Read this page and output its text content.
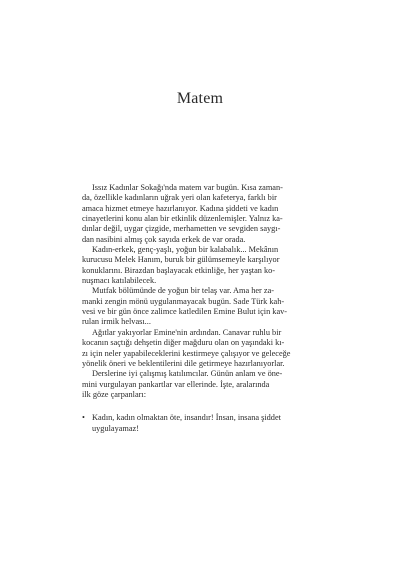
Matem

Issız Kadınlar Sokağı'nda matem var bugün. Kısa zaman-
da, özellikle kadınların uğrak yeri olan kafeterya, farklı bir
amaca hizmet etmeye hazırlanıyor. Kadına şiddeti ve kadın
cinayetlerini konu alan bir etkinlik düzenlemişler. Yalnız ka-
dınlar değil, uygar çizgide, merhametten ve sevgiden saygı-
dan nasibini almış çok sayıda erkek de var orada.

Kadın-erkek, genç-yaşlı, yoğun bir kalabalık... Mekânın
kurucusu Melek Hanım, buruk bir gülümsemeyle karşılıyor
konuklarını. Birazdan başlayacak etkinliğe, her yaştan ko-
nuşmacı katılabilecek.

Mutfak bölümünde de yoğun bir telaş var. Ama her za-
manki zengin mönü uygulanmayacak bugün. Sade Türk kah-
vesi ve bir gün önce zalimce katledilen Emine Bulut için kav-
rulan irmik helvası...

Ağıtlar yakıyorlar Emine'nin ardından. Canavar ruhlu bir
kocanın saçtığı dehşetin diğer mağduru olan on yaşındaki kı-
zı için neler yapabileceklerini kestirmeye çalışıyor ve geleceğe
yönelik öneri ve beklentilerini dile getirmeye hazırlanıyorlar.

Derslerine iyi çalışmış katılımcılar. Günün anlam ve öne-
mini vurgulayan pankartlar var ellerinde. İşte, aralarında
ilk göze çarpanları:

• Kadın, kadın olmaktan öte, insandır! İnsan, insana şiddet
uygulayamaz!
